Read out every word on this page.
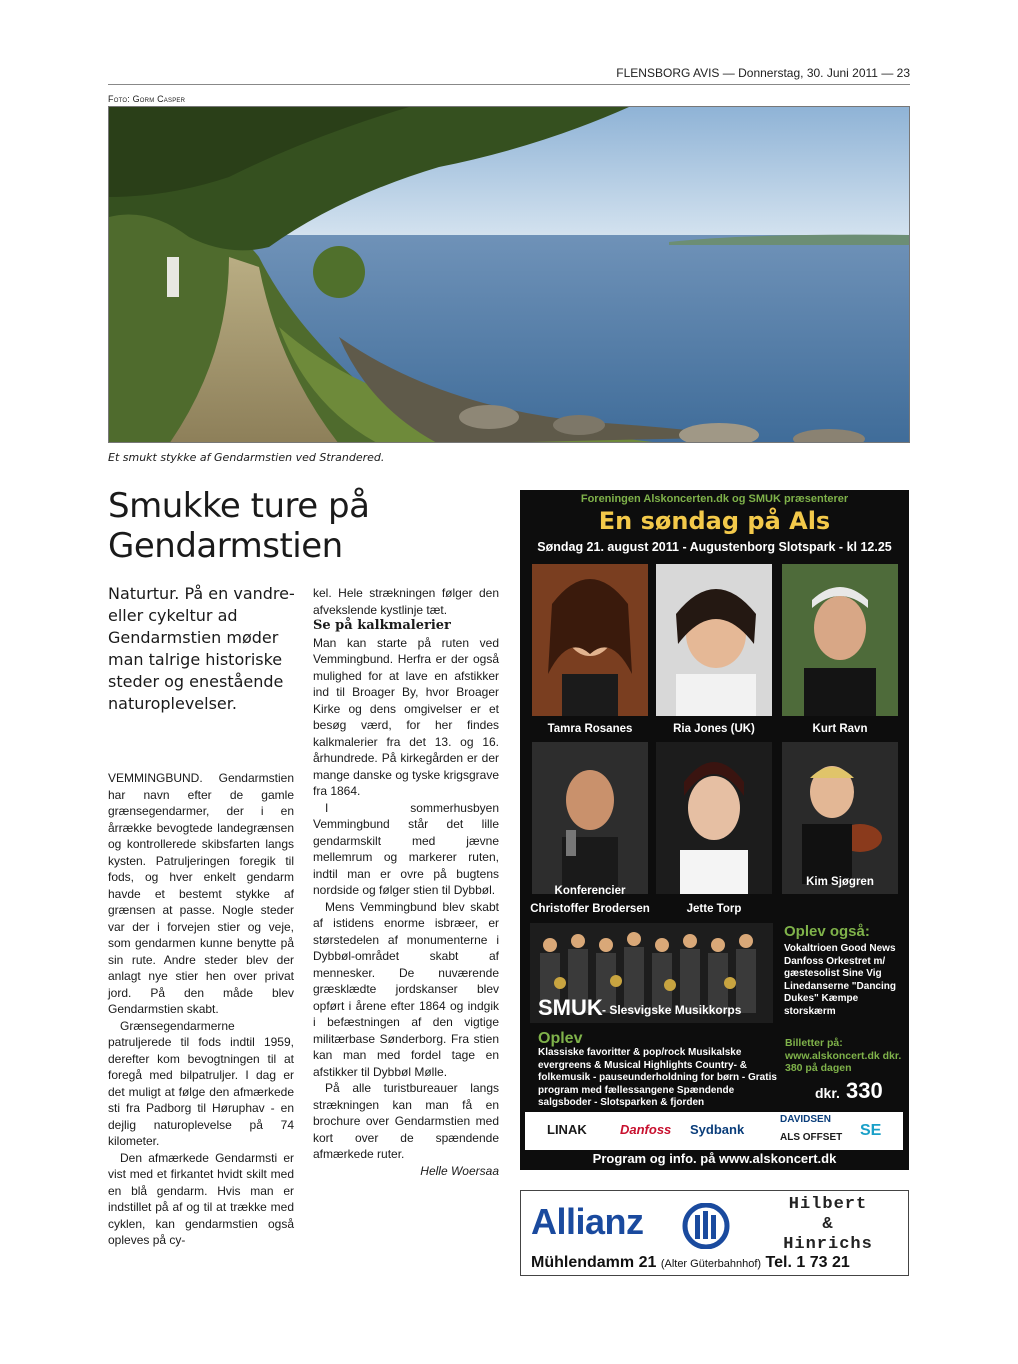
FLENSBORG AVIS — Donnerstag, 30. Juni 2011 — 23
Foto: Gorm Casper
Et smukt stykke af Gendarmstien ved Strandered.
Smukke ture på
Gendarmstien
Naturtur. På en vandre- eller cykeltur ad Gendarmstien møder man talrige historiske steder og enestående naturoplevelser.

VEMMINGBUND. Gendarmstien har navn efter de gamle grænsegendarmer, der i en årrække bevogtede landegrænsen og kontrollerede skibsfarten langs kysten. Patruljeringen foregik til fods, og hver enkelt gendarm havde et bestemt stykke af grænsen at passe. Nogle steder var der i forvejen stier og veje, som gendarmen kunne benytte på sin rute. Andre steder blev der anlagt nye stier hen over privat jord. På den måde blev Gendarmstien skabt.

Grænsegendarmerne patruljerede til fods indtil 1959, derefter kom bevogtningen til at foregå med bilpatruljer. I dag er det muligt at følge den afmærkede sti fra Padborg til Høruphav - en dejlig naturoplevelse på 74 kilometer.

Den afmærkede Gendarmsti er vist med et firkantet hvidt skilt med en blå gendarm. Hvis man er indstillet på af og til at trække med cyklen, kan gendarmstien også opleves på cy-

kel. Hele strækningen følger den afvekslende kystlinje tæt.

Se på kalkmalerier

Man kan starte på ruten ved Vemmingbund. Herfra er der også mulighed for at lave en afstikker ind til Broager By, hvor Broager Kirke og dens omgivelser er et besøg værd, for her findes kalkmalerier fra det 13. og 16. århundrede. På kirkegården er der mange danske og tyske krigsgrave fra 1864.

I sommerhusbyen Vemmingbund står det lille gendarmskilt med jævne mellemrum og markerer ruten, indtil man er ovre på bugtens nordside og følger stien til Dybbøl.

Mens Vemmingbund blev skabt af istidens enorme isbræer, er størstedelen af monumenterne i Dybbøl-området skabt af mennesker. De nuværende græsklædte jordskanser blev opført i årene efter 1864 og indgik i befæstningen af den vigtige militærbase Sønderborg. Fra stien kan man med fordel tage en afstikker til Dybbøl Mølle.

På alle turistbureauer langs strækningen kan man få en brochure over Gendarmstien med kort over de spændende afmærkede ruter.

Helle Woersaa

Foreningen Alskoncerten.dk og SMUK præsenterer
En søndag på Als
Søndag 21. august 2011 - Augustenborg Slotspark - kl 12.25
Tamra Rosanes	Ria Jones (UK)	Kurt Ravn
Konferencier
Christoffer Brodersen	Jette Torp
Kim Sjøgren
SMUK - Slesvigske Musikkorps
Oplev også:
Vokaltrioen Good News Danfoss Orkestret m/ gæstesolist Sine Vig Linedanserne "Dancing Dukes" Kæmpe storskærm
Oplev
Klassiske favoritter & pop/rock Musikalske evergreens & Musical Highlights Country- & folkemusik - pauseunderholdning for børn - Gratis program med fællessangene Spændende salgsboder - Slotsparken & fjorden
Billetter på: www.alskoncert.dk dkr. 380 på dagen
dkr. 330
LINAK	Danfoss Sydbank
DAVIDSEN
ALS OFFSET SE
Program og info. på www.alskoncert.dk
Allianz	Hilbert
&
Hinrichs
Mühlendamm 21 (Alter Güterbahnhof) Tel. 1 73 21
